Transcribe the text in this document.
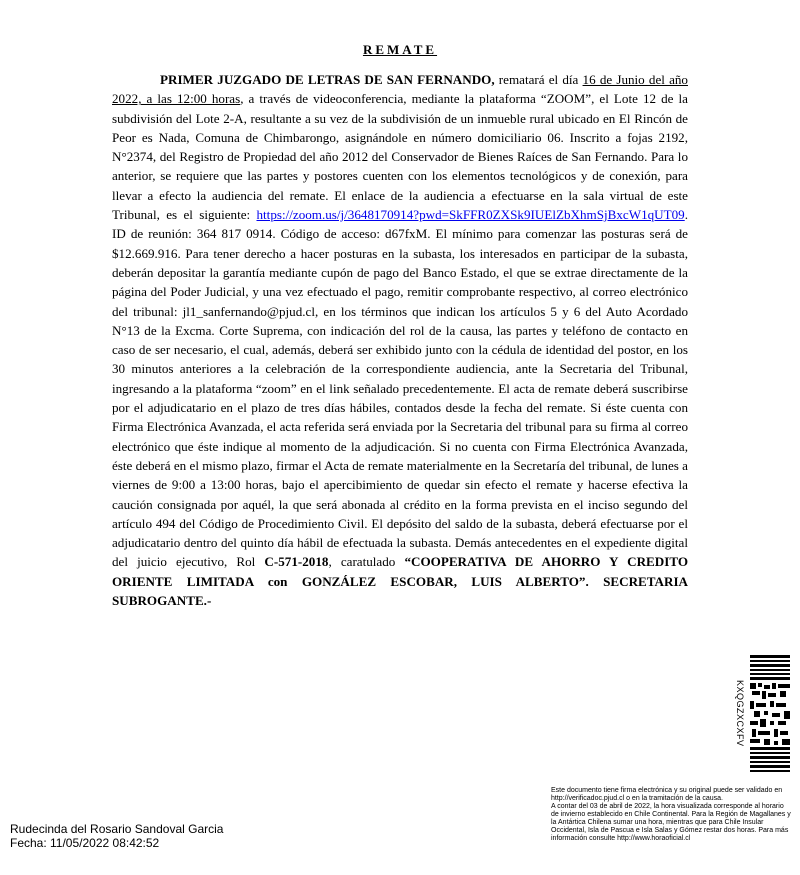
REMATE

PRIMER JUZGADO DE LETRAS DE SAN FERNANDO, rematará el día 16 de Junio del año 2022, a las 12:00 horas, a través de videoconferencia, mediante la plataforma “ZOOM”, el Lote 12 de la subdivisión del Lote 2-A, resultante a su vez de la subdivisión de un inmueble rural ubicado en El Rincón de Peor es Nada, Comuna de Chimbarongo, asignándole en número domiciliario 06. Inscrito a fojas 2192, N°2374, del Registro de Propiedad del año 2012 del Conservador de Bienes Raíces de San Fernando. Para lo anterior, se requiere que las partes y postores cuenten con los elementos tecnológicos y de conexión, para llevar a efecto la audiencia del remate. El enlace de la audiencia a efectuarse en la sala virtual de este Tribunal, es el siguiente: https://zoom.us/j/3648170914?pwd=SkFFR0ZXSk9IUElZbXhmSjBxcW1qUT09. ID de reunión: 364 817 0914. Código de acceso: d67fxM. El mínimo para comenzar las posturas será de $12.669.916. Para tener derecho a hacer posturas en la subasta, los interesados en participar de la subasta, deberán depositar la garantía mediante cupón de pago del Banco Estado, el que se extrae directamente de la página del Poder Judicial, y una vez efectuado el pago, remitir comprobante respectivo, al correo electrónico del tribunal: jl1_sanfernando@pjud.cl, en los términos que indican los artículos 5 y 6 del Auto Acordado N°13 de la Excma. Corte Suprema, con indicación del rol de la causa, las partes y teléfono de contacto en caso de ser necesario, el cual, además, deberá ser exhibido junto con la cédula de identidad del postor, en los 30 minutos anteriores a la celebración de la correspondiente audiencia, ante la Secretaria del Tribunal, ingresando a la plataforma “zoom” en el link señalado precedentemente. El acta de remate deberá suscribirse por el adjudicatario en el plazo de tres días hábiles, contados desde la fecha del remate. Si éste cuenta con Firma Electrónica Avanzada, el acta referida será enviada por la Secretaria del tribunal para su firma al correo electrónico que éste indique al momento de la adjudicación. Si no cuenta con Firma Electrónica Avanzada, éste deberá en el mismo plazo, firmar el Acta de remate materialmente en la Secretaría del tribunal, de lunes a viernes de 9:00 a 13:00 horas, bajo el apercibimiento de quedar sin efecto el remate y hacerse efectiva la caución consignada por aquél, la que será abonada al crédito en la forma prevista en el inciso segundo del artículo 494 del Código de Procedimiento Civil. El depósito del saldo de la subasta, deberá efectuarse por el adjudicatario dentro del quinto día hábil de efectuada la subasta. Demás antecedentes en el expediente digital del juicio ejecutivo, Rol C-571-2018, caratulado “COOPERATIVA DE AHORRO Y CREDITO ORIENTE LIMITADA con GONZÁLEZ ESCOBAR, LUIS ALBERTO”. SECRETARIA SUBROGANTE.-

KXQGZXCXFV
Rudecinda del Rosario Sandoval Garcia
Fecha: 11/05/2022 08:42:52
Este documento tiene firma electrónica y su original puede ser validado en http://verificadoc.pjud.cl o en la tramitación de la causa.
A contar del 03 de abril de 2022, la hora visualizada corresponde al horario de invierno establecido en Chile Continental. Para la Región de Magallanes y la Antártica Chilena sumar una hora, mientras que para Chile Insular Occidental, Isla de Pascua e Isla Salas y Gómez restar dos horas. Para más información consulte http://www.horaoficial.cl
